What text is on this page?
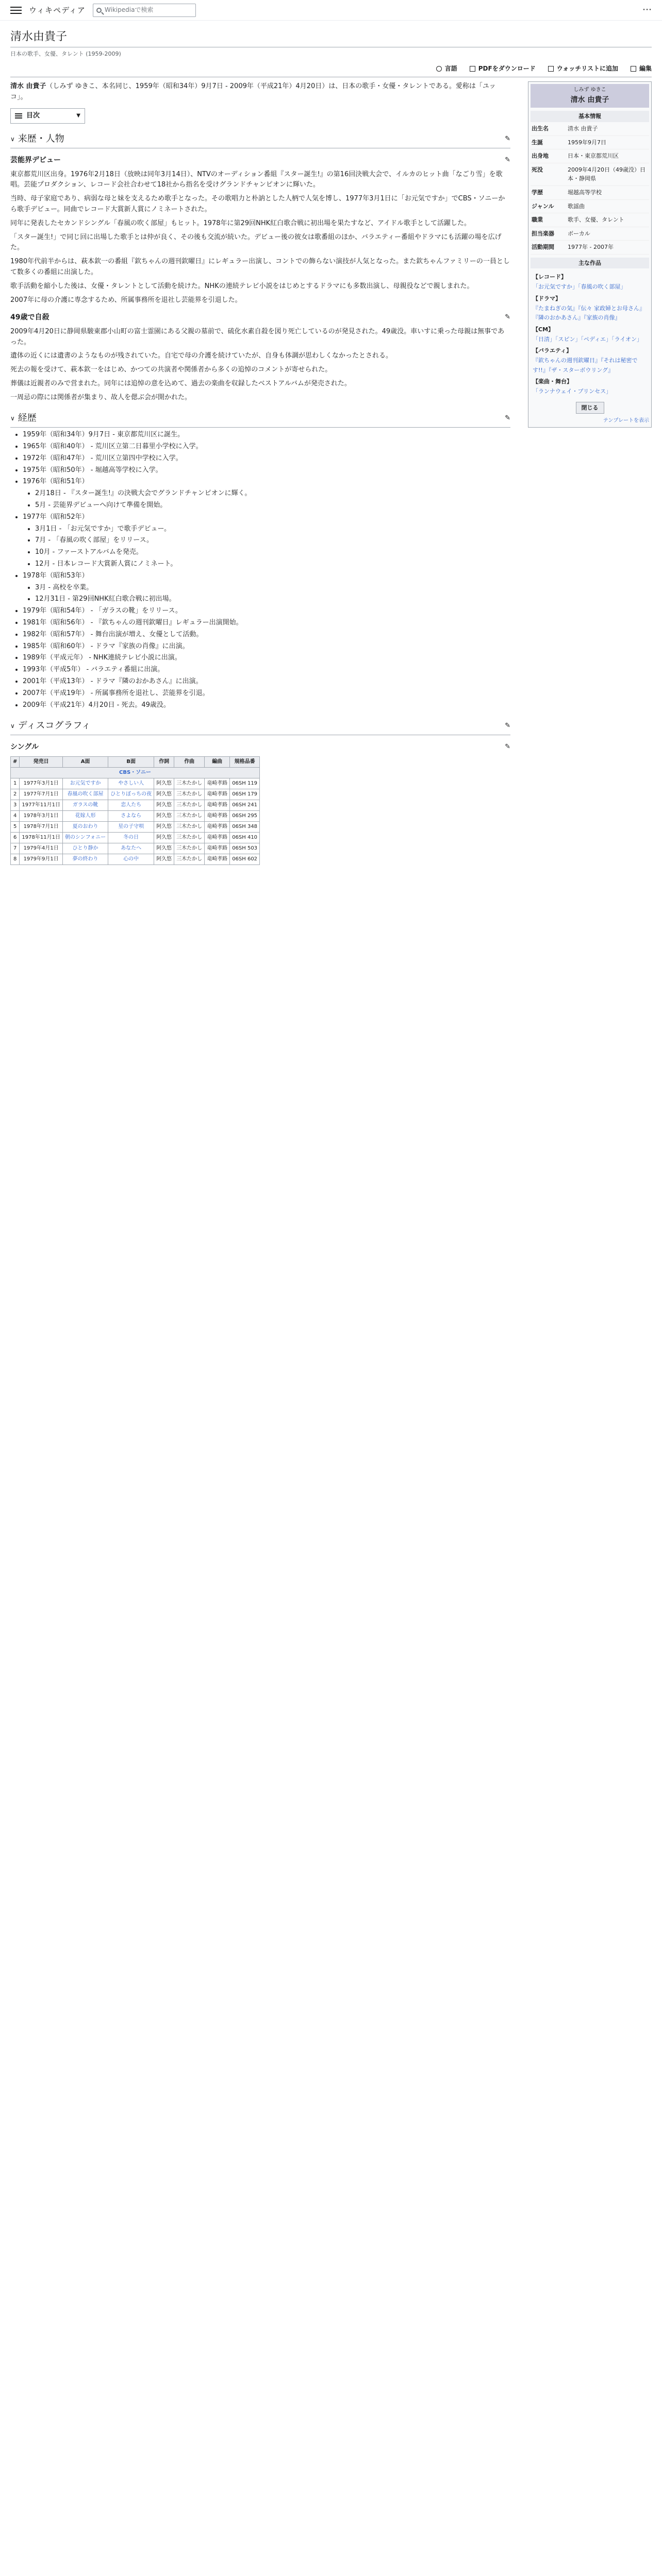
ウィキペディア	Wikipediaで検索	⋯
清水由貴子
日本の歌手、女優、タレント (1959-2009)
言語	PDFをダウンロード	ウォッチリストに追加	編集
しみず ゆきこ
清水 由貴子
基本情報
出生名	清水 由貴子
生誕	1959年9月7日
出身地	日本・東京都荒川区
死没	2009年4月20日（49歳没）日本・静岡県
学歴	堀越高等学校
ジャンル	歌謡曲
職業	歌手、女優、タレント
担当楽器	ボーカル
活動期間	1977年 - 2007年
主な作品
【レコード】
「お元気ですか」「春風の吹く部屋」
【ドラマ】
『たまねぎの気』『伝々 家政婦とお母さん』
『隣のおかあさん』『家族の肖像』
【CM】
「日清」「スピン」「ペディエ」「ライオン」
【バラエティ】
『欽ちゃんの週刊欽曜日』『それは秘密です!!』『ザ・スターボウリング』
【楽曲・舞台】
「ランナウェイ・プリンセス」
閉じる
テンプレートを表示

清水 由貴子（しみず ゆきこ、本名同じ、1959年（昭和34年）9月7日 - 2009年（平成21年）4月20日）は、日本の歌手・女優・タレントである。愛称は「ユッコ」。

目次	▼
∨ 来歴・人物	✎
芸能界デビュー	✎

東京都荒川区出身。1976年2月18日（放映は同年3月14日）、NTVのオーディション番組『スター誕生!』の第16回決戦大会で、イルカのヒット曲「なごり雪」を歌唱。芸能プロダクション、レコード会社合わせて18社から指名を受けグランドチャンピオンに輝いた。

当時、母子家庭であり、病弱な母と妹を支えるため歌手となった。その歌唱力と朴訥とした人柄で人気を博し、1977年3月1日に「お元気ですか」でCBS・ソニーから歌手デビュー。同曲でレコード大賞新人賞にノミネートされた。

同年に発表したセカンドシングル「春風の吹く部屋」もヒット。1978年に第29回NHK紅白歌合戦に初出場を果たすなど、アイドル歌手として活躍した。

「スター誕生!」で同じ回に出場した歌手とは仲が良く、その後も交流が続いた。デビュー後の彼女は歌番組のほか、バラエティー番組やドラマにも活躍の場を広げた。

1980年代前半からは、萩本欽一の番組『欽ちゃんの週刊欽曜日』にレギュラー出演し、コントでの飾らない演技が人気となった。また欽ちゃんファミリーの一員として数多くの番組に出演した。

歌手活動を縮小した後は、女優・タレントとして活動を続けた。NHKの連続テレビ小説をはじめとするドラマにも多数出演し、母親役などで親しまれた。

2007年に母の介護に専念するため、所属事務所を退社し芸能界を引退した。

49歳で自殺	✎

2009年4月20日に静岡県駿東郡小山町の富士霊園にある父親の墓前で、硫化水素自殺を図り死亡しているのが発見された。49歳没。車いすに乗った母親は無事であった。

遺体の近くには遺書のようなものが残されていた。自宅で母の介護を続けていたが、自身も体調が思わしくなかったとされる。

死去の報を受けて、萩本欽一をはじめ、かつての共演者や関係者から多くの追悼のコメントが寄せられた。

葬儀は近親者のみで営まれた。同年には追悼の意を込めて、過去の楽曲を収録したベストアルバムが発売された。

一周忌の際には関係者が集まり、故人を偲ぶ会が開かれた。

∨ 経歴	✎
• 1959年（昭和34年）9月7日 - 東京都荒川区に誕生。
• 1965年（昭和40年） - 荒川区立第二日暮里小学校に入学。
• 1972年（昭和47年） - 荒川区立第四中学校に入学。
• 1975年（昭和50年） - 堀越高等学校に入学。
• 1976年（昭和51年）
• 2月18日 - 『スター誕生!』の決戦大会でグランドチャンピオンに輝く。
• 5月 - 芸能界デビューへ向けて準備を開始。
• 1977年（昭和52年）
• 3月1日 - 「お元気ですか」で歌手デビュー。
• 7月 - 「春風の吹く部屋」をリリース。
• 10月 - ファーストアルバムを発売。
• 12月 - 日本レコード大賞新人賞にノミネート。
• 1978年（昭和53年）
• 3月 - 高校を卒業。
• 12月31日 - 第29回NHK紅白歌合戦に初出場。
• 1979年（昭和54年） - 「ガラスの靴」をリリース。
• 1981年（昭和56年） - 『欽ちゃんの週刊欽曜日』レギュラー出演開始。
• 1982年（昭和57年） - 舞台出演が増え、女優として活動。
• 1985年（昭和60年） - ドラマ『家族の肖像』に出演。
• 1989年（平成元年） - NHK連続テレビ小説に出演。
• 1993年（平成5年） - バラエティ番組に出演。
• 2001年（平成13年） - ドラマ『隣のおかあさん』に出演。
• 2007年（平成19年） - 所属事務所を退社し、芸能界を引退。
• 2009年（平成21年）4月20日 - 死去。49歳没。
∨ ディスコグラフィ	✎
シングル	✎
#	発売日	A面	B面	作詞	作曲	編曲	規格品番
CBS・ソニー							
1	1977年3月1日	お元気ですか	やさしい人	阿久悠	三木たかし	竜崎孝路	06SH 119
2	1977年7月1日	春風の吹く部屋	ひとりぼっちの夜	阿久悠	三木たかし	竜崎孝路	06SH 179
3	1977年11月1日	ガラスの靴	恋人たち	阿久悠	三木たかし	竜崎孝路	06SH 241
4	1978年3月1日	花嫁人形	さよなら	阿久悠	三木たかし	竜崎孝路	06SH 295
5	1978年7月1日	夏のおわり	星の子守唄	阿久悠	三木たかし	竜崎孝路	06SH 348
6	1978年11月1日	朝のシンフォニー	冬の日	阿久悠	三木たかし	竜崎孝路	06SH 410
7	1979年4月1日	ひとり静か	あなたへ	阿久悠	三木たかし	竜崎孝路	06SH 503
8	1979年9月1日	夢の終わり	心の中	阿久悠	三木たかし	竜崎孝路	06SH 602
